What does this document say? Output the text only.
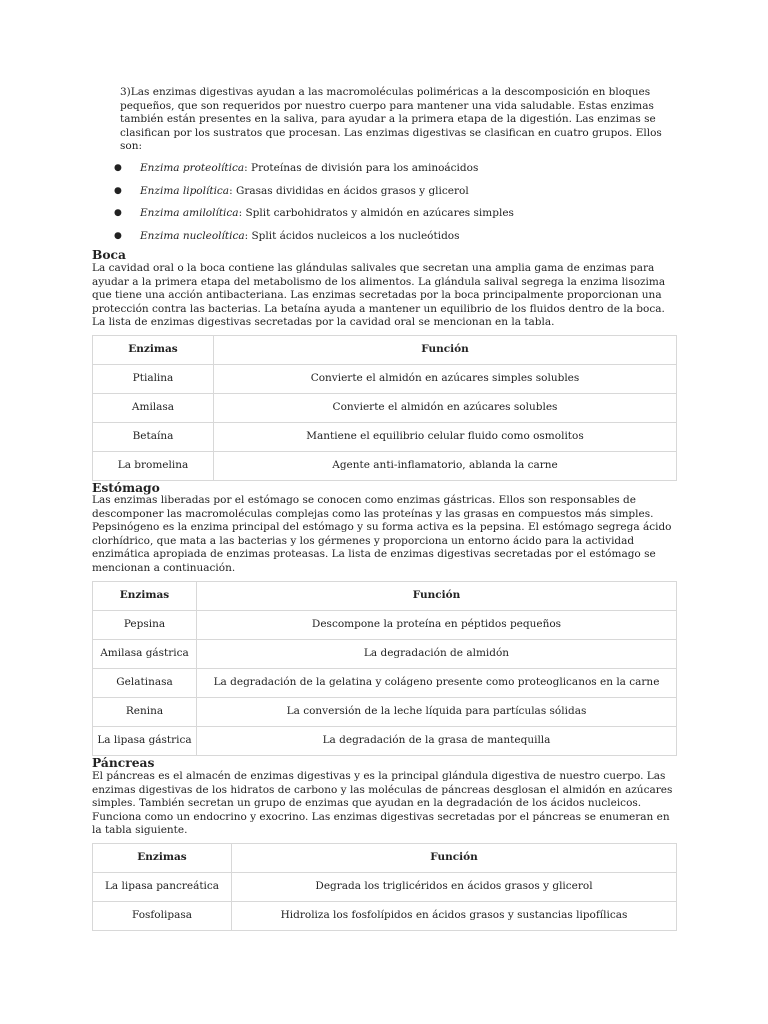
3)Las enzimas digestivas ayudan a las macromoléculas poliméricas a la descomposición en bloques pequeños, que son requeridos por nuestro cuerpo para mantener una vida saludable. Estas enzimas también están presentes en la saliva, para ayudar a la primera etapa de la digestión. Las enzimas se clasifican por los sustratos que procesan. Las enzimas digestivas se clasifican en cuatro grupos. Ellos son:

●	Enzima proteolítica: Proteínas de división para los aminoácidos
●	Enzima lipolítica: Grasas divididas en ácidos grasos y glicerol
●	Enzima amilolítica: Split carbohidratos y almidón en azúcares simples
●	Enzima nucleolítica: Split ácidos nucleicos a los nucleótidos
Boca

La cavidad oral o la boca contiene las glándulas salivales que secretan una amplia gama de enzimas para ayudar a la primera etapa del metabolismo de los alimentos. La glándula salival segrega la enzima lisozima que tiene una acción antibacteriana. Las enzimas secretadas por la boca principalmente proporcionan una protección contra las bacterias. La betaína ayuda a mantener un equilibrio de los fluidos dentro de la boca. La lista de enzimas digestivas secretadas por la cavidad oral se mencionan en la tabla.

Enzimas	Función
Ptialina	Convierte el almidón en azúcares simples solubles
Amilasa	Convierte el almidón en azúcares solubles
Betaína	Mantiene el equilibrio celular fluido como osmolitos
La bromelina	Agente anti-inflamatorio, ablanda la carne
Estómago

Las enzimas liberadas por el estómago se conocen como enzimas gástricas. Ellos son responsables de descomponer las macromoléculas complejas como las proteínas y las grasas en compuestos más simples. Pepsinógeno es la enzima principal del estómago y su forma activa es la pepsina. El estómago segrega ácido clorhídrico, que mata a las bacterias y los gérmenes y proporciona un entorno ácido para la actividad enzimática apropiada de enzimas proteasas. La lista de enzimas digestivas secretadas por el estómago se mencionan a continuación.

Enzimas	Función
Pepsina	Descompone la proteína en péptidos pequeños
Amilasa gástrica	La degradación de almidón
Gelatinasa	La degradación de la gelatina y colágeno presente como proteoglicanos en la carne
Renina	La conversión de la leche líquida para partículas sólidas
La lipasa gástrica	La degradación de la grasa de mantequilla
Páncreas

El páncreas es el almacén de enzimas digestivas y es la principal glándula digestiva de nuestro cuerpo. Las enzimas digestivas de los hidratos de carbono y las moléculas de páncreas desglosan el almidón en azúcares simples. También secretan un grupo de enzimas que ayudan en la degradación de los ácidos nucleicos. Funciona como un endocrino y exocrino. Las enzimas digestivas secretadas por el páncreas se enumeran en la tabla siguiente.

Enzimas	Función
La lipasa pancreática	Degrada los triglicéridos en ácidos grasos y glicerol
Fosfolipasa	Hidroliza los fosfolípidos en ácidos grasos y sustancias lipofílicas
